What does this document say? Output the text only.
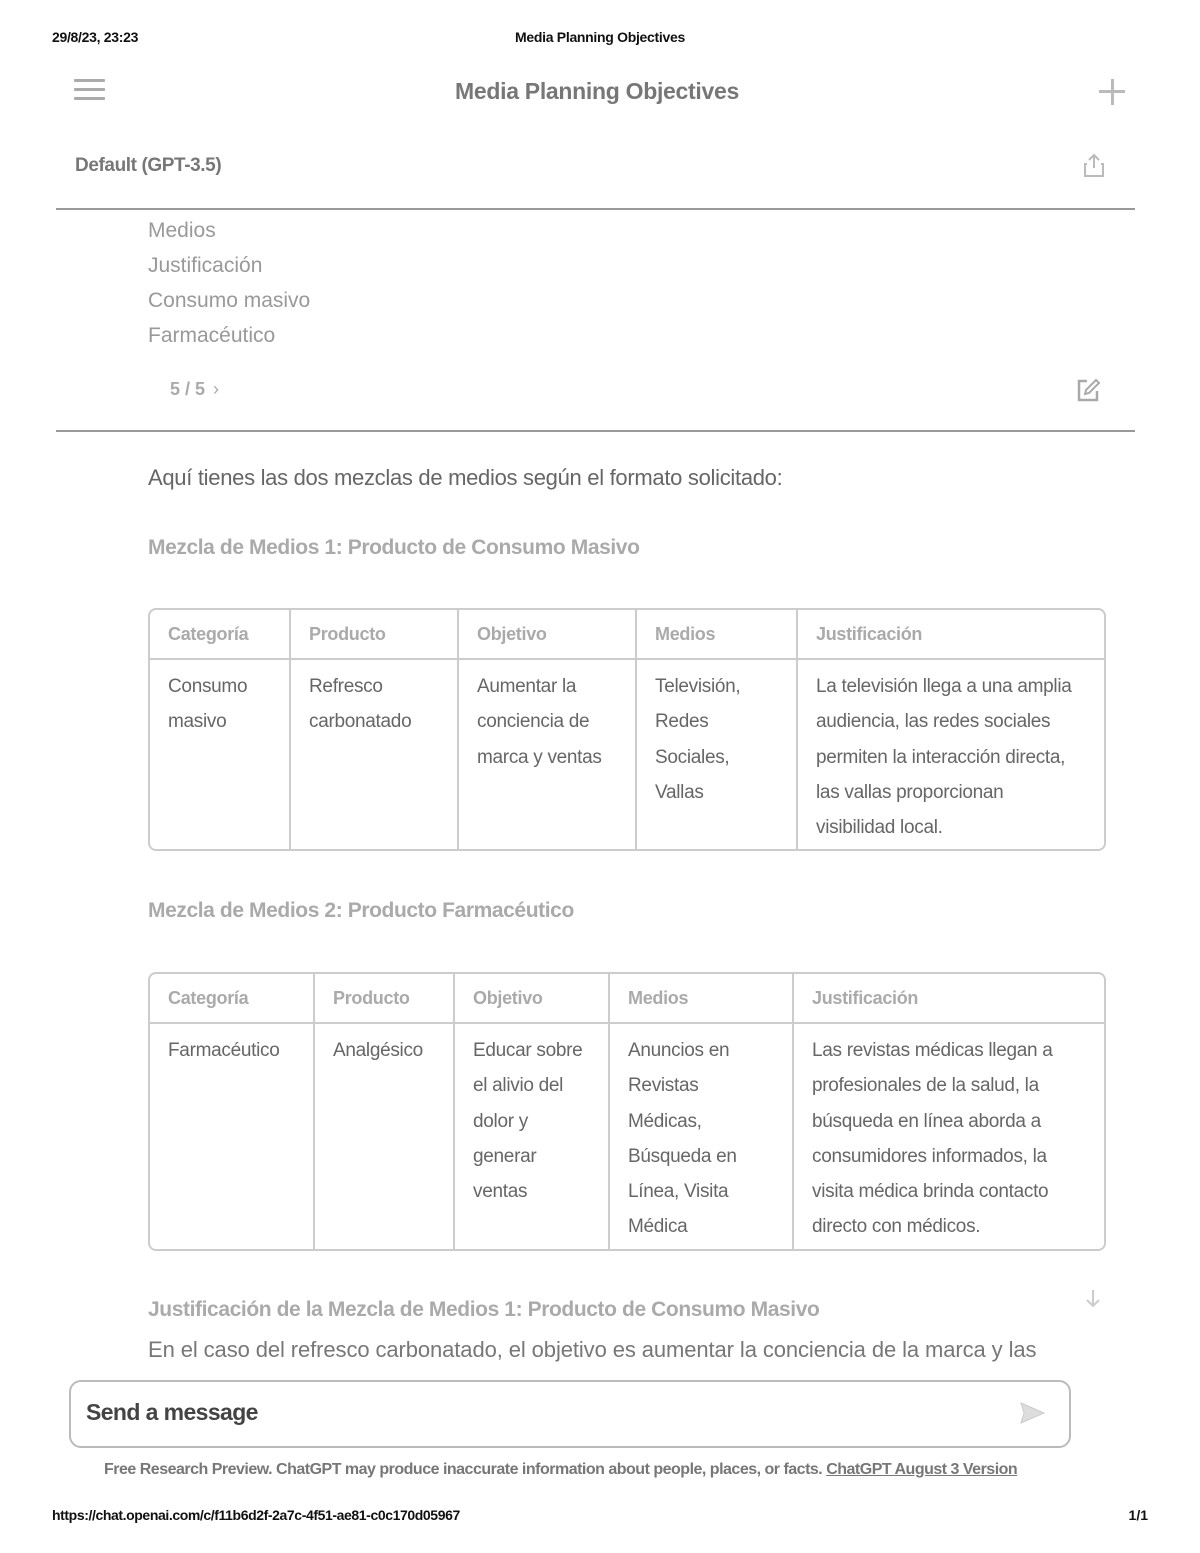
29/8/23, 23:23	Media Planning Objectives
Media Planning Objectives
Default (GPT-3.5)
Medios
Justificación
Consumo masivo
Farmacéutico
5 / 5 ›
Aquí tienes las dos mezclas de medios según el formato solicitado:
Mezcla de Medios 1: Producto de Consumo Masivo
Categoría	Producto	Objetivo	Medios	Justificación
Consumo masivo	Refresco carbonatado	Aumentar la conciencia de marca y ventas	Televisión, Redes Sociales, Vallas	La televisión llega a una amplia audiencia, las redes sociales permiten la interacción directa, las vallas proporcionan visibilidad local.
Mezcla de Medios 2: Producto Farmacéutico
Categoría	Producto	Objetivo	Medios	Justificación
Farmacéutico	Analgésico	Educar sobre el alivio del dolor y generar ventas	Anuncios en Revistas Médicas, Búsqueda en Línea, Visita Médica	Las revistas médicas llegan a profesionales de la salud, la búsqueda en línea aborda a consumidores informados, la visita médica brinda contacto directo con médicos.
Justificación de la Mezcla de Medios 1: Producto de Consumo Masivo
En el caso del refresco carbonatado, el objetivo es aumentar la conciencia de la marca y las
Send a message
Free Research Preview. ChatGPT may produce inaccurate information about people, places, or facts. ChatGPT August 3 Version
https://chat.openai.com/c/f11b6d2f-2a7c-4f51-ae81-c0c170d05967	1/1
